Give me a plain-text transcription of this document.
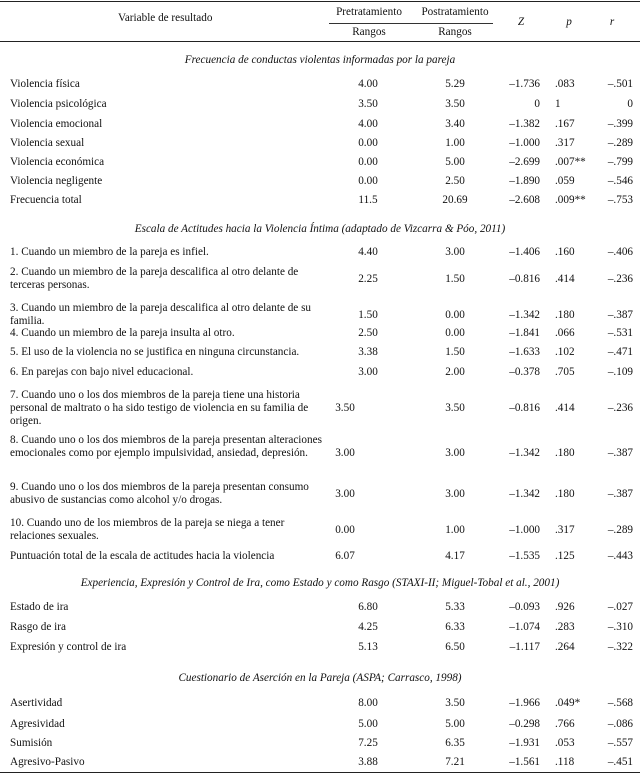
Variable de resultado	Pretratamiento Postratamiento
Rangos	Rangos
Z	p	r
Frecuencia de conductas violentas informadas por la pareja
Violencia física	4.00	5.29	–1.736 .083	–.501
Violencia psicológica	3.50	3.50	0 1	0
Violencia emocional	4.00	3.40	–1.382 .167	–.399
Violencia sexual	0.00	1.00	–1.000 .317	–.289
Violencia económica	0.00	5.00	–2.699 .007** –.799
Violencia negligente	0.00	2.50	–1.890 .059	–.546
Frecuencia total	11.5	20.69	–2.608 .009** –.753
Escala de Actitudes hacia la Violencia Íntima (adaptado de Vizcarra & Póo, 2011)
1. Cuando un miembro de la pareja es infiel.	4.40	3.00	–1.406 .160	–.406
2. Cuando un miembro de la pareja descalifica al otro delante de terceras personas.
2.25	1.50	–0.816 .414	–.236
3. Cuando un miembro de la pareja descalifica al otro delante de su familia.
1.50	0.00	–1.342 .180	–.387
4. Cuando un miembro de la pareja insulta al otro.	2.50	0.00	–1.841 .066	–.531
5. El uso de la violencia no se justifica en ninguna circunstancia.	3.38	1.50	–1.633 .102	–.471
6. En parejas con bajo nivel educacional.	3.00	2.00	–0.378 .705	–.109
7. Cuando uno o los dos miembros de la pareja tiene una historia personal de maltrato o ha sido testigo de violencia en su familia de origen.
3.50	3.50	–0.816 .414	–.236
8. Cuando uno o los dos miembros de la pareja presentan alteraciones emocionales como por ejemplo impulsividad, ansiedad, depresión.	3.00	3.00	–1.342 .180	–.387
9. Cuando uno o los dos miembros de la pareja presentan consumo abusivo de sustancias como alcohol y/o drogas.
3.00	3.00	–1.342 .180	–.387
10. Cuando uno de los miembros de la pareja se niega a tener relaciones sexuales.
0.00	1.00	–1.000 .317	–.289
Puntuación total de la escala de actitudes hacia la violencia	6.07	4.17	–1.535 .125	–.443
Experiencia, Expresión y Control de Ira, como Estado y como Rasgo (STAXI-II; Miguel-Tobal et al., 2001)
Estado de ira	6.80	5.33	–0.093 .926	–.027
Rasgo de ira	4.25	6.33	–1.074 .283	–.310
Expresión y control de ira	5.13	6.50	–1.117 .264	–.322
Cuestionario de Aserción en la Pareja (ASPA; Carrasco, 1998)
Asertividad	8.00	3.50	–1.966 .049* –.568
Agresividad	5.00	5.00	–0.298 .766	–.086
Sumisión	7.25	6.35	–1.931 .053	–.557
Agresivo-Pasivo	3.88	7.21	–1.561 .118	–.451
